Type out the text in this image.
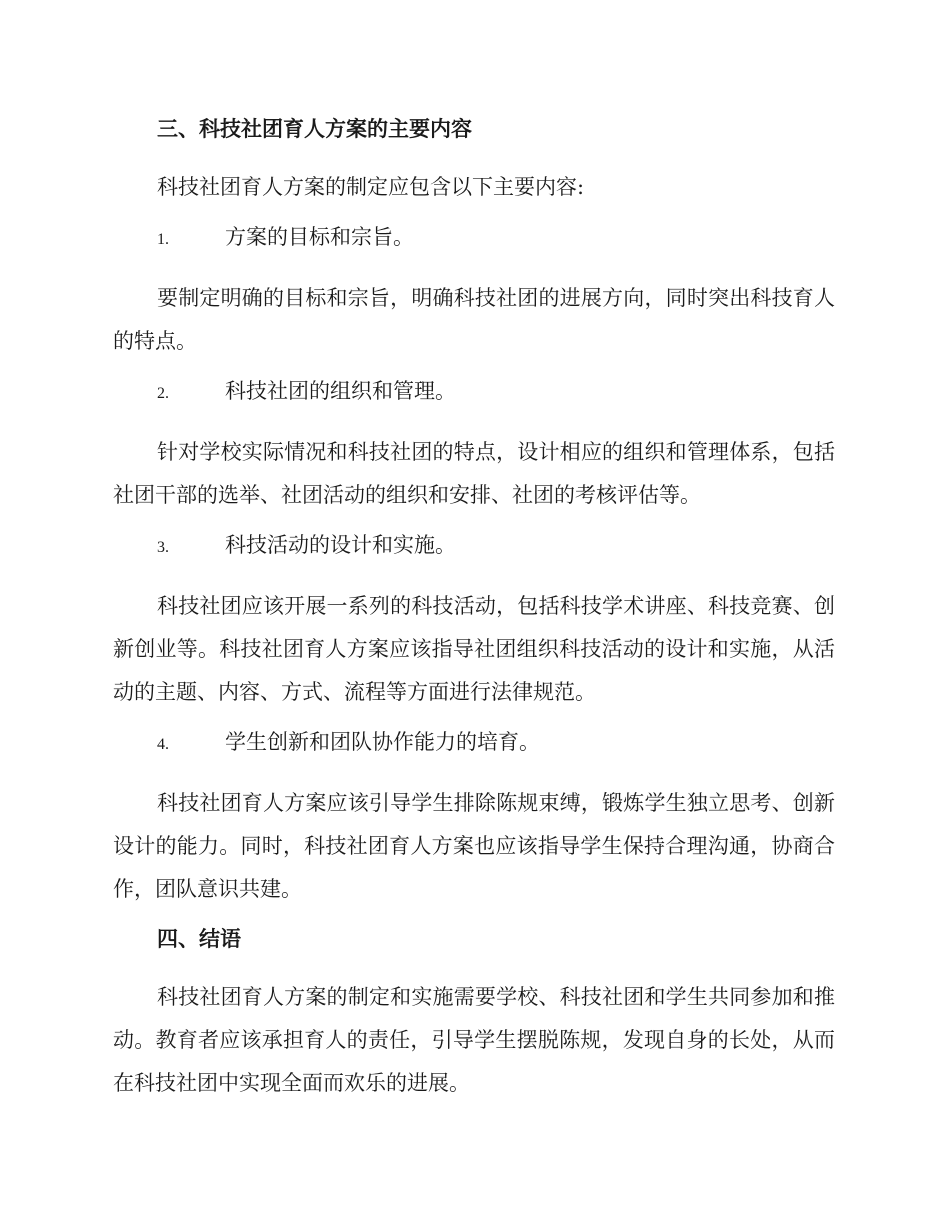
三、科技社团育人方案的主要内容

科技社团育人方案的制定应包含以下主要内容:

1.	方案的目标和宗旨。

要制定明确的目标和宗旨，明确科技社团的进展方向，同时突出科技育人的特点。

2.	科技社团的组织和管理。

针对学校实际情况和科技社团的特点，设计相应的组织和管理体系，包括社团干部的选举、社团活动的组织和安排、社团的考核评估等。

3.	科技活动的设计和实施。

科技社团应该开展一系列的科技活动，包括科技学术讲座、科技竞赛、创新创业等。科技社团育人方案应该指导社团组织科技活动的设计和实施，从活动的主题、内容、方式、流程等方面进行法律规范。

4.	学生创新和团队协作能力的培育。

科技社团育人方案应该引导学生排除陈规束缚，锻炼学生独立思考、创新设计的能力。同时，科技社团育人方案也应该指导学生保持合理沟通，协商合作，团队意识共建。

四、结语

科技社团育人方案的制定和实施需要学校、科技社团和学生共同参加和推动。教育者应该承担育人的责任，引导学生摆脱陈规，发现自身的长处，从而在科技社团中实现全面而欢乐的进展。
